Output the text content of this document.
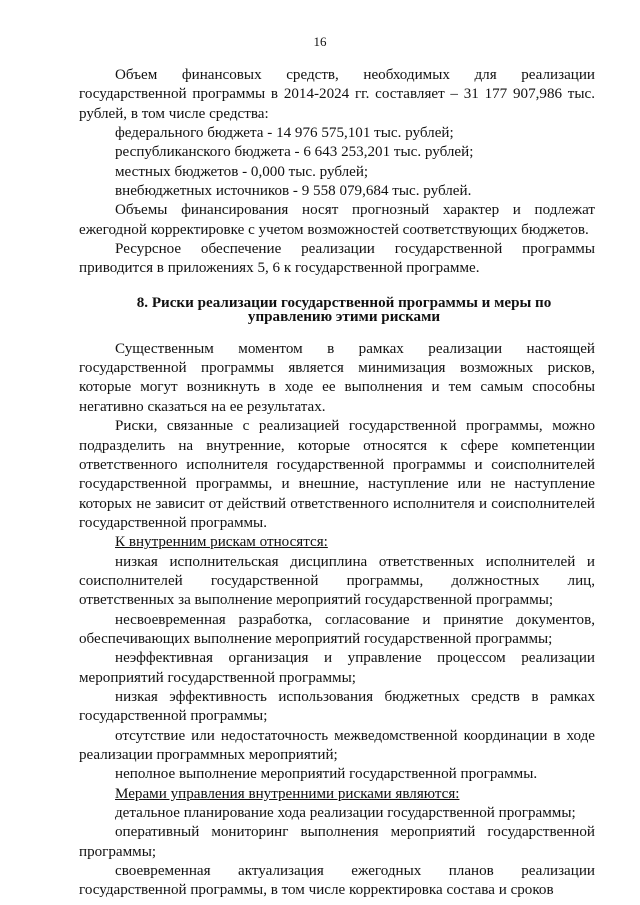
16

Объем финансовых средств, необходимых для реализации государственной программы в 2014-2024 гг. составляет – 31 177 907,986 тыс. рублей, в том числе средства:

федерального бюджета - 14 976 575,101 тыс. рублей;

республиканского бюджета - 6 643 253,201 тыс. рублей;

местных бюджетов - 0,000 тыс. рублей;

внебюджетных источников - 9 558 079,684 тыс. рублей.

Объемы финансирования носят прогнозный характер и подлежат ежегодной корректировке с учетом возможностей соответствующих бюджетов.

Ресурсное обеспечение реализации государственной программы приводится в приложениях 5, 6 к государственной программе.

8. Риски реализации государственной программы и меры по управлению этими рисками

Существенным моментом в рамках реализации настоящей государственной программы является минимизация возможных рисков, которые могут возникнуть в ходе ее выполнения и тем самым способны негативно сказаться на ее результатах.

Риски, связанные с реализацией государственной программы, можно подразделить на внутренние, которые относятся к сфере компетенции ответственного исполнителя государственной программы и соисполнителей государственной программы, и внешние, наступление или не наступление которых не зависит от действий ответственного исполнителя и соисполнителей государственной программы.

К внутренним рискам относятся:

низкая исполнительская дисциплина ответственных исполнителей и соисполнителей государственной программы, должностных лиц, ответственных за выполнение мероприятий государственной программы;

несвоевременная разработка, согласование и принятие документов, обеспечивающих выполнение мероприятий государственной программы;

неэффективная организация и управление процессом реализации мероприятий государственной программы;

низкая эффективность использования бюджетных средств в рамках государственной программы;

отсутствие или недостаточность межведомственной координации в ходе реализации программных мероприятий;

неполное выполнение мероприятий государственной программы.

Мерами управления внутренними рисками являются:

детальное планирование хода реализации государственной программы;

оперативный мониторинг выполнения мероприятий государственной программы;

своевременная актуализация ежегодных планов реализации государственной программы, в том числе корректировка состава и сроков
